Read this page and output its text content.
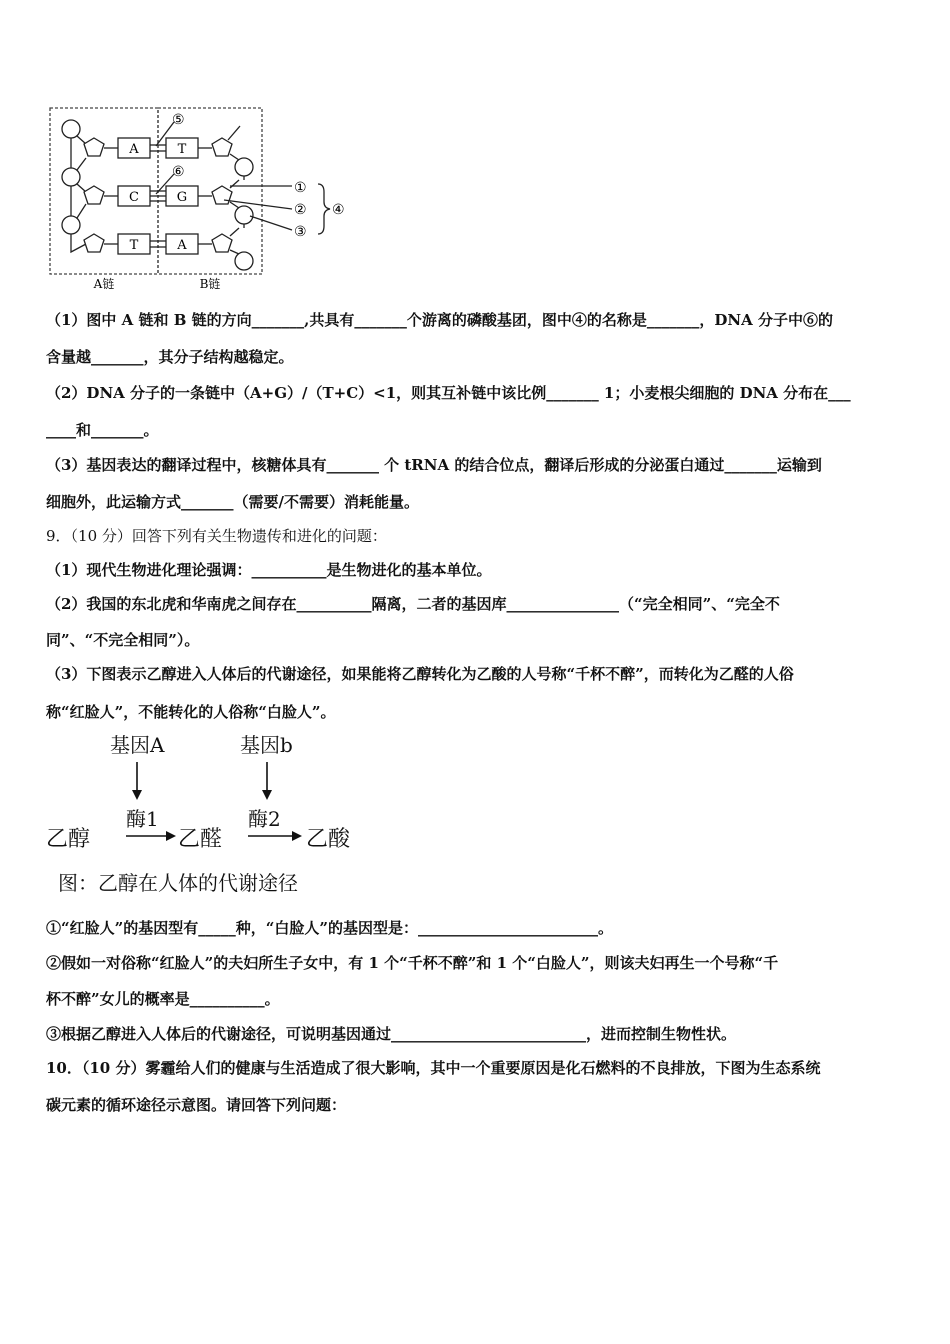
A
C
T
T
G
A
⑤
⑥
①
②
③
④
A链	B链
（1）图中 A 链和 B 链的方向_______,共具有_______个游离的磷酸基团，图中④的名称是_______，DNA 分子中⑥的
含量越_______，其分子结构越稳定。
（2）DNA 分子的一条链中（A+G）/（T+C）<1，则其互补链中该比例_______ 1；小麦根尖细胞的 DNA 分布在___
____和_______。
（3）基因表达的翻译过程中，核糖体具有_______ 个 tRNA 的结合位点，翻译后形成的分泌蛋白通过_______运输到
细胞外，此运输方式_______（需要/不需要）消耗能量。
9．（10 分）回答下列有关生物遗传和进化的问题：
（1）现代生物进化理论强调：__________是生物进化的基本单位。
（2）我国的东北虎和华南虎之间存在__________隔离，二者的基因库_______________（“完全相同”、“完全不
同”、“不完全相同”）。
（3）下图表示乙醇进入人体后的代谢途径，如果能将乙醇转化为乙酸的人号称“千杯不醉”，而转化为乙醛的人俗
称“红脸人”，不能转化的人俗称“白脸人”。
基因A	基因b
酶1	酶2
乙醇	乙醛	乙酸
图：乙醇在人体的代谢途径
①“红脸人”的基因型有_____种，“白脸人”的基因型是：________________________。
②假如一对俗称“红脸人”的夫妇所生子女中，有 1 个“千杯不醉”和 1 个“白脸人”，则该夫妇再生一个号称“千
杯不醉”女儿的概率是__________。
③根据乙醇进入人体后的代谢途径，可说明基因通过__________________________，进而控制生物性状。
10．（10 分）雾霾给人们的健康与生活造成了很大影响，其中一个重要原因是化石燃料的不良排放，下图为生态系统
碳元素的循环途径示意图。请回答下列问题：
